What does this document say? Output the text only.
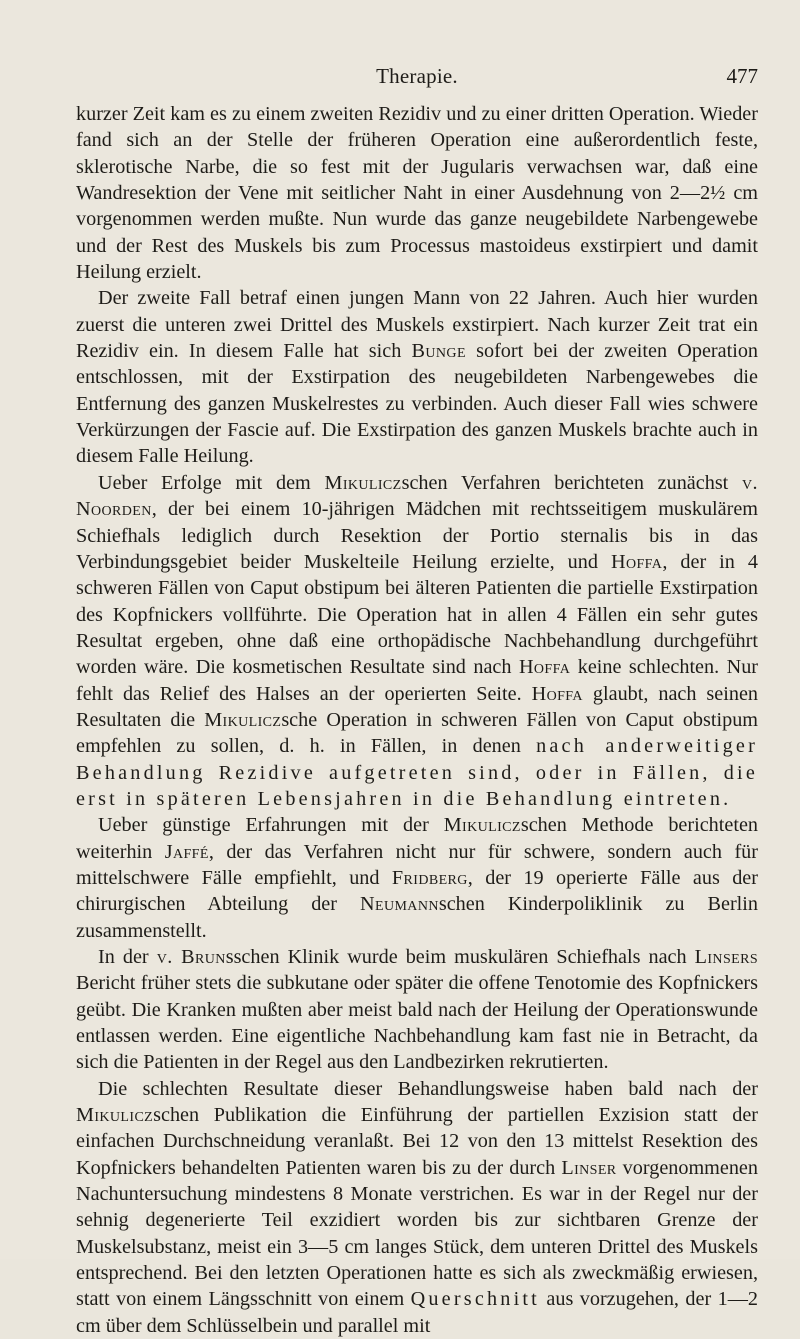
Therapie.	477

kurzer Zeit kam es zu einem zweiten Rezidiv und zu einer dritten Operation. Wieder fand sich an der Stelle der früheren Operation eine außerordentlich feste, sklerotische Narbe, die so fest mit der Jugularis verwachsen war, daß eine Wandresektion der Vene mit seitlicher Naht in einer Ausdehnung von 2—2½ cm vorgenommen werden mußte. Nun wurde das ganze neugebildete Narbengewebe und der Rest des Muskels bis zum Processus mastoideus exstirpiert und damit Heilung erzielt.

Der zweite Fall betraf einen jungen Mann von 22 Jahren. Auch hier wurden zuerst die unteren zwei Drittel des Muskels exstirpiert. Nach kurzer Zeit trat ein Rezidiv ein. In diesem Falle hat sich Bunge sofort bei der zweiten Operation entschlossen, mit der Exstirpation des neugebildeten Narbengewebes die Entfernung des ganzen Muskelrestes zu verbinden. Auch dieser Fall wies schwere Verkürzungen der Fascie auf. Die Exstirpation des ganzen Muskels brachte auch in diesem Falle Heilung.

Ueber Erfolge mit dem Mikuliczschen Verfahren berichteten zunächst v. Noorden, der bei einem 10-jährigen Mädchen mit rechtsseitigem muskulärem Schiefhals lediglich durch Resektion der Portio sternalis bis in das Verbindungsgebiet beider Muskelteile Heilung erzielte, und Hoffa, der in 4 schweren Fällen von Caput obstipum bei älteren Patienten die partielle Exstirpation des Kopfnickers vollführte. Die Operation hat in allen 4 Fällen ein sehr gutes Resultat ergeben, ohne daß eine orthopädische Nachbehandlung durchgeführt worden wäre. Die kosmetischen Resultate sind nach Hoffa keine schlechten. Nur fehlt das Relief des Halses an der operierten Seite. Hoffa glaubt, nach seinen Resultaten die Mikuliczsche Operation in schweren Fällen von Caput obstipum empfehlen zu sollen, d. h. in Fällen, in denen nach anderweitiger Behandlung Rezidive aufgetreten sind, oder in Fällen, die erst in späteren Lebensjahren in die Behandlung eintreten.

Ueber günstige Erfahrungen mit der Mikuliczschen Methode berichteten weiterhin Jaffé, der das Verfahren nicht nur für schwere, sondern auch für mittelschwere Fälle empfiehlt, und Fridberg, der 19 operierte Fälle aus der chirurgischen Abteilung der Neumannschen Kinderpoliklinik zu Berlin zusammenstellt.

In der v. Brunsschen Klinik wurde beim muskulären Schiefhals nach Linsers Bericht früher stets die subkutane oder später die offene Tenotomie des Kopfnickers geübt. Die Kranken mußten aber meist bald nach der Heilung der Operationswunde entlassen werden. Eine eigentliche Nachbehandlung kam fast nie in Betracht, da sich die Patienten in der Regel aus den Landbezirken rekrutierten.

Die schlechten Resultate dieser Behandlungsweise haben bald nach der Mikuliczschen Publikation die Einführung der partiellen Exzision statt der einfachen Durchschneidung veranlaßt. Bei 12 von den 13 mittelst Resektion des Kopfnickers behandelten Patienten waren bis zu der durch Linser vorgenommenen Nachuntersuchung mindestens 8 Monate verstrichen. Es war in der Regel nur der sehnig degenerierte Teil exzidiert worden bis zur sichtbaren Grenze der Muskelsubstanz, meist ein 3—5 cm langes Stück, dem unteren Drittel des Muskels entsprechend. Bei den letzten Operationen hatte es sich als zweckmäßig erwiesen, statt von einem Längsschnitt von einem Querschnitt aus vorzugehen, der 1—2 cm über dem Schlüsselbein und parallel mit
